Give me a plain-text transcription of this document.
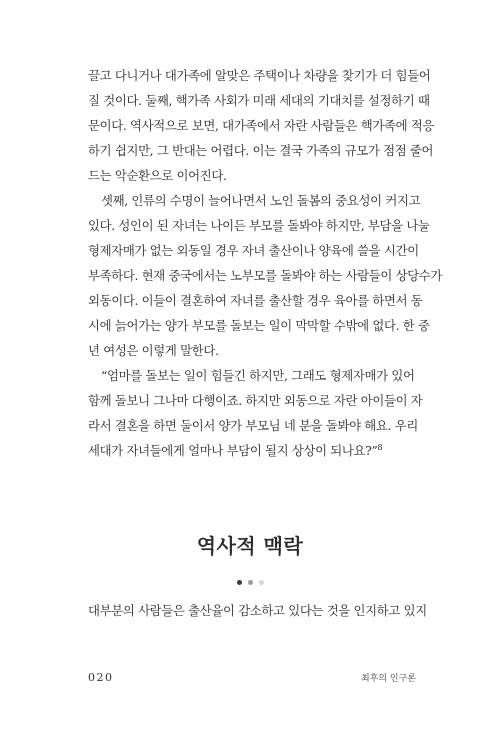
끌고 다니거나 대가족에 알맞은 주택이나 차량을 찾기가 더 힘들어
질 것이다. 둘째, 핵가족 사회가 미래 세대의 기대치를 설정하기 때
문이다. 역사적으로 보면, 대가족에서 자란 사람들은 핵가족에 적응
하기 쉽지만, 그 반대는 어렵다. 이는 결국 가족의 규모가 점점 줄어
드는 악순환으로 이어진다.
셋째, 인류의 수명이 늘어나면서 노인 돌봄의 중요성이 커지고
있다. 성인이 된 자녀는 나이든 부모를 돌봐야 하지만, 부담을 나눌
형제자매가 없는 외동일 경우 자녀 출산이나 양육에 쓸을 시간이
부족하다. 현재 중국에서는 노부모를 돌봐야 하는 사람들이 상당수가
외동이다. 이들이 결혼하여 자녀를 출산할 경우 육아를 하면서 동
시에 늙어가는 양가 부모를 돌보는 일이 막막할 수밖에 없다. 한 중
년 여성은 이렇게 말한다.
“엄마를 돌보는 일이 힘들긴 하지만, 그래도 형제자매가 있어
함께 돌보니 그나마 다행이죠. 하지만 외동으로 자란 아이들이 자
라서 결혼을 하면 둘이서 양가 부모님 네 분을 돌봐야 해요. 우리
세대가 자녀들에게 얼마나 부담이 될지 상상이 되나요?”$^8$
역사적 맥락
대부분의 사람들은 출산율이 감소하고 있다는 것을 인지하고 있지
020	최후의 인구론
